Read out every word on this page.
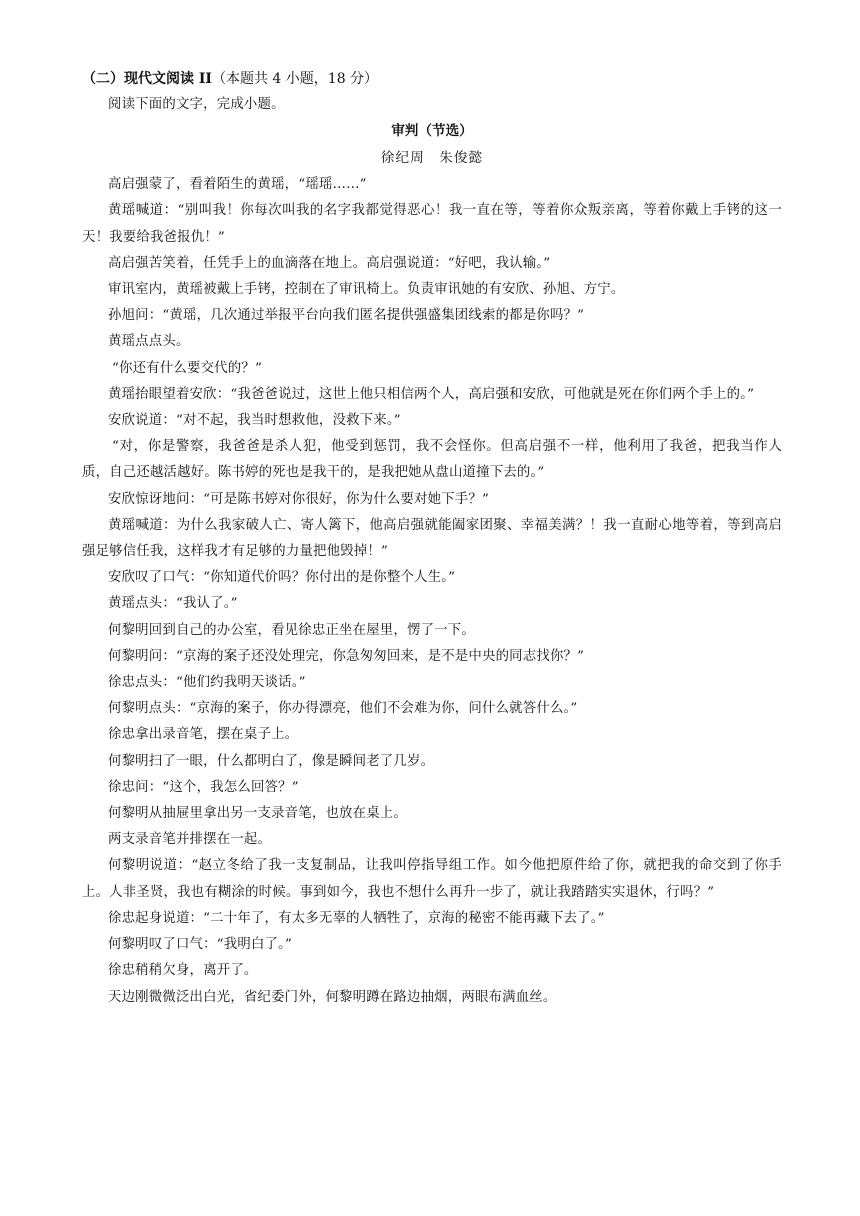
（二）现代文阅读 II（本题共 4 小题，18 分）

阅读下面的文字，完成小题。

审判（节选）

徐纪周　朱俊懿

高启强蒙了，看着陌生的黄瑶，“瑶瑶……”

黄瑶喊道：“别叫我！你每次叫我的名字我都觉得恶心！我一直在等，等着你众叛亲离，等着你戴上手铐的这一天！我要给我爸报仇！”

高启强苦笑着，任凭手上的血滴落在地上。高启强说道：“好吧，我认输。”

审讯室内，黄瑶被戴上手铐，控制在了审讯椅上。负责审讯她的有安欣、孙旭、方宁。

孙旭问：“黄瑶，几次通过举报平台向我们匿名提供强盛集团线索的都是你吗？”

黄瑶点点头。

“你还有什么要交代的？”

黄瑶抬眼望着安欣：“我爸爸说过，这世上他只相信两个人，高启强和安欣，可他就是死在你们两个手上的。”

安欣说道：“对不起，我当时想救他，没救下来。”

“对，你是警察，我爸爸是杀人犯，他受到惩罚，我不会怪你。但高启强不一样，他利用了我爸，把我当作人质，自己还越活越好。陈书婷的死也是我干的，是我把她从盘山道撞下去的。”

安欣惊讶地问：“可是陈书婷对你很好，你为什么要对她下手？”

黄瑶喊道：为什么我家破人亡、寄人篱下，他高启强就能阖家团聚、幸福美满？！我一直耐心地等着，等到高启强足够信任我，这样我才有足够的力量把他毁掉！”

安欣叹了口气：“你知道代价吗？你付出的是你整个人生。”

黄瑶点头：“我认了。”

何黎明回到自己的办公室，看见徐忠正坐在屋里，愣了一下。

何黎明问：“京海的案子还没处理完，你急匆匆回来，是不是中央的同志找你？”

徐忠点头：“他们约我明天谈话。”

何黎明点头：“京海的案子，你办得漂亮，他们不会难为你，问什么就答什么。”

徐忠拿出录音笔，摆在桌子上。

何黎明扫了一眼，什么都明白了，像是瞬间老了几岁。

徐忠问：“这个，我怎么回答？”

何黎明从抽屉里拿出另一支录音笔，也放在桌上。

两支录音笔并排摆在一起。

何黎明说道：“赵立冬给了我一支复制品，让我叫停指导组工作。如今他把原件给了你，就把我的命交到了你手上。人非圣贤，我也有糊涂的时候。事到如今，我也不想什么再升一步了，就让我踏踏实实退休，行吗？”

徐忠起身说道：“二十年了，有太多无辜的人牺牲了，京海的秘密不能再藏下去了。”

何黎明叹了口气：“我明白了。”

徐忠稍稍欠身，离开了。

天边刚微微泛出白光，省纪委门外，何黎明蹲在路边抽烟，两眼布满血丝。
